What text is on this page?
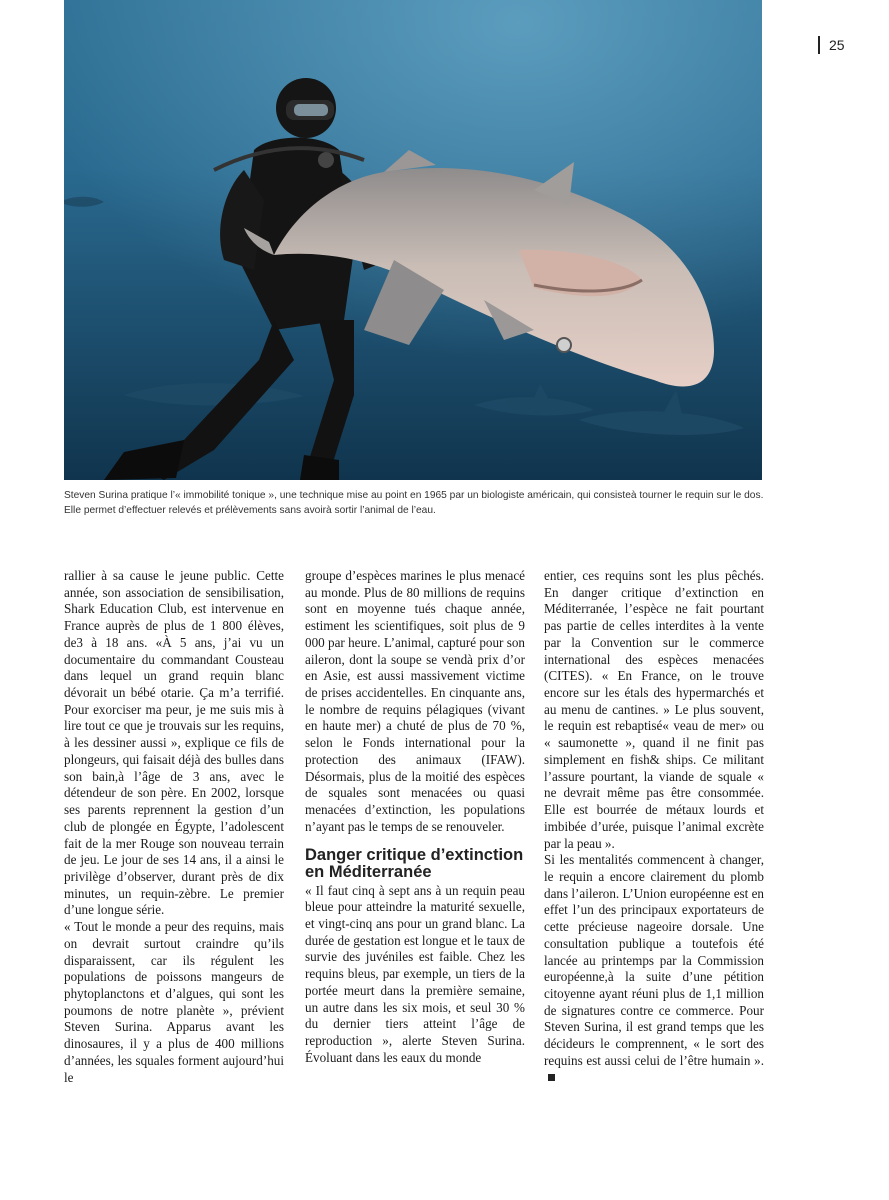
25
Steven Surina pratique l’« immobilité tonique », une technique mise au point en 1965 par un biologiste américain, qui consisteà tourner le requin sur le dos. Elle permet d’effectuer relevés et prélèvements sans avoirà sortir l’animal de l’eau.

rallier à sa cause le jeune public. Cette année, son association de sensibilisation, Shark Education Club, est intervenue en France auprès de plus de 1 800 élèves, de3 à 18 ans. «À 5 ans, j’ai vu un documentaire du commandant Cousteau dans lequel un grand requin blanc dévorait un bébé otarie. Ça m’a terrifié. Pour exorciser ma peur, je me suis mis à lire tout ce que je trouvais sur les requins, à les dessiner aussi », explique ce fils de plongeurs, qui faisait déjà des bulles dans son bain,à l’âge de 3 ans, avec le détendeur de son père. En 2002, lorsque ses parents reprennent la gestion d’un club de plongée en Égypte, l’adolescent fait de la mer Rouge son nouveau terrain de jeu. Le jour de ses 14 ans, il a ainsi le privilège d’observer, durant près de dix minutes, un requin-zèbre. Le premier d’une longue série.

« Tout le monde a peur des requins, mais on devrait surtout craindre qu’ils disparaissent, car ils régulent les populations de poissons mangeurs de phytoplanctons et d’algues, qui sont les poumons de notre planète », prévient Steven Surina. Apparus avant les dinosaures, il y a plus de 400 millions d’années, les squales forment aujourd’hui le

groupe d’espèces marines le plus menacé au monde. Plus de 80 millions de requins sont en moyenne tués chaque année, estiment les scientifiques, soit plus de 9 000 par heure. L’animal, capturé pour son aileron, dont la soupe se vendà prix d’or en Asie, est aussi massivement victime de prises accidentelles. En cinquante ans, le nombre de requins pélagiques (vivant en haute mer) a chuté de plus de 70 %, selon le Fonds international pour la protection des animaux (IFAW). Désormais, plus de la moitié des espèces de squales sont menacées ou quasi menacées d’extinction, les populations n’ayant pas le temps de se renouveler.

Danger critique d’extinction en Méditerranée

« Il faut cinq à sept ans à un requin peau bleue pour atteindre la maturité sexuelle, et vingt-cinq ans pour un grand blanc. La durée de gestation est longue et le taux de survie des juvéniles est faible. Chez les requins bleus, par exemple, un tiers de la portée meurt dans la première semaine, un autre dans les six mois, et seul 30 % du dernier tiers atteint l’âge de reproduction », alerte Steven Surina. Évoluant dans les eaux du monde

entier, ces requins sont les plus pêchés. En danger critique d’extinction en Méditerranée, l’espèce ne fait pourtant pas partie de celles interdites à la vente par la Convention sur le commerce international des espèces menacées (CITES). « En France, on le trouve encore sur les étals des hypermarchés et au menu de cantines. » Le plus souvent, le requin est rebaptisé« veau de mer» ou « saumonette », quand il ne finit pas simplement en fish& ships. Ce militant l’assure pourtant, la viande de squale « ne devrait même pas être consommée. Elle est bourrée de métaux lourds et imbibée d’urée, puisque l’animal excrète par la peau ».

Si les mentalités commencent à changer, le requin a encore clairement du plomb dans l’aileron. L’Union européenne est en effet l’un des principaux exportateurs de cette précieuse nageoire dorsale. Une consultation publique a toutefois été lancée au printemps par la Commission européenne,à la suite d’une pétition citoyenne ayant réuni plus de 1,1 million de signatures contre ce commerce. Pour Steven Surina, il est grand temps que les décideurs le comprennent, « le sort des requins est aussi celui de l’être humain ».
